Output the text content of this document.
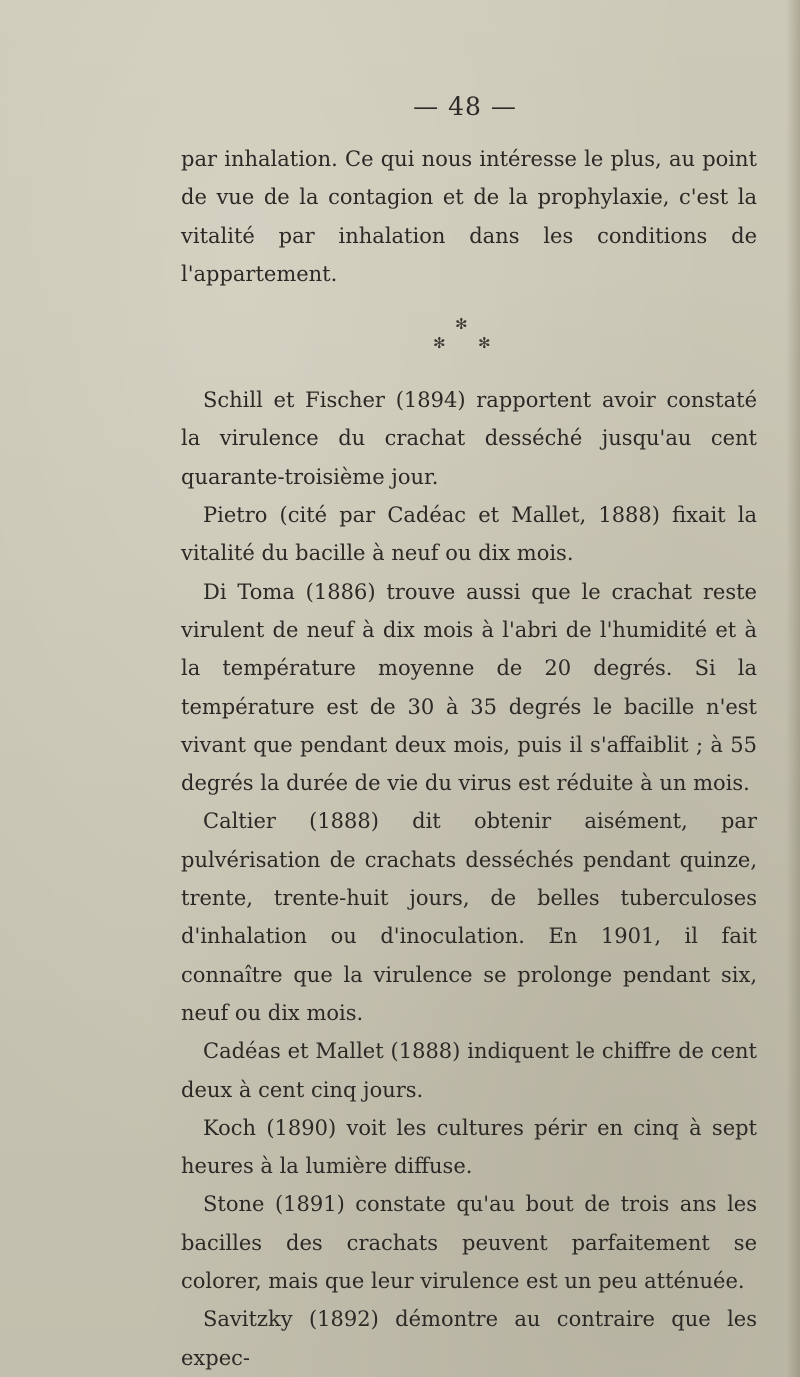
— 48 —

par inhalation. Ce qui nous intéresse le plus, au point de vue de la contagion et de la prophylaxie, c'est la vitalité par inhalation dans les conditions de l'appartement.

✻
✻ ✻

Schill et Fischer (1894) rapportent avoir constaté la virulence du crachat desséché jusqu'au cent quarante-troisième jour.

Pietro (cité par Cadéac et Mallet, 1888) fixait la vitalité du bacille à neuf ou dix mois.

Di Toma (1886) trouve aussi que le crachat reste virulent de neuf à dix mois à l'abri de l'humidité et à la température moyenne de 20 degrés. Si la température est de 30 à 35 degrés le bacille n'est vivant que pendant deux mois, puis il s'affaiblit ; à 55 degrés la durée de vie du virus est réduite à un mois.

Caltier (1888) dit obtenir aisément, par pulvérisation de crachats desséchés pendant quinze, trente, trente-huit jours, de belles tuberculoses d'inhalation ou d'inoculation. En 1901, il fait connaître que la virulence se prolonge pendant six, neuf ou dix mois.

Cadéas et Mallet (1888) indiquent le chiffre de cent deux à cent cinq jours.

Koch (1890) voit les cultures périr en cinq à sept heures à la lumière diffuse.

Stone (1891) constate qu'au bout de trois ans les bacilles des crachats peuvent parfaitement se colorer, mais que leur virulence est un peu atténuée.

Savitzky (1892) démontre au contraire que les expec-
